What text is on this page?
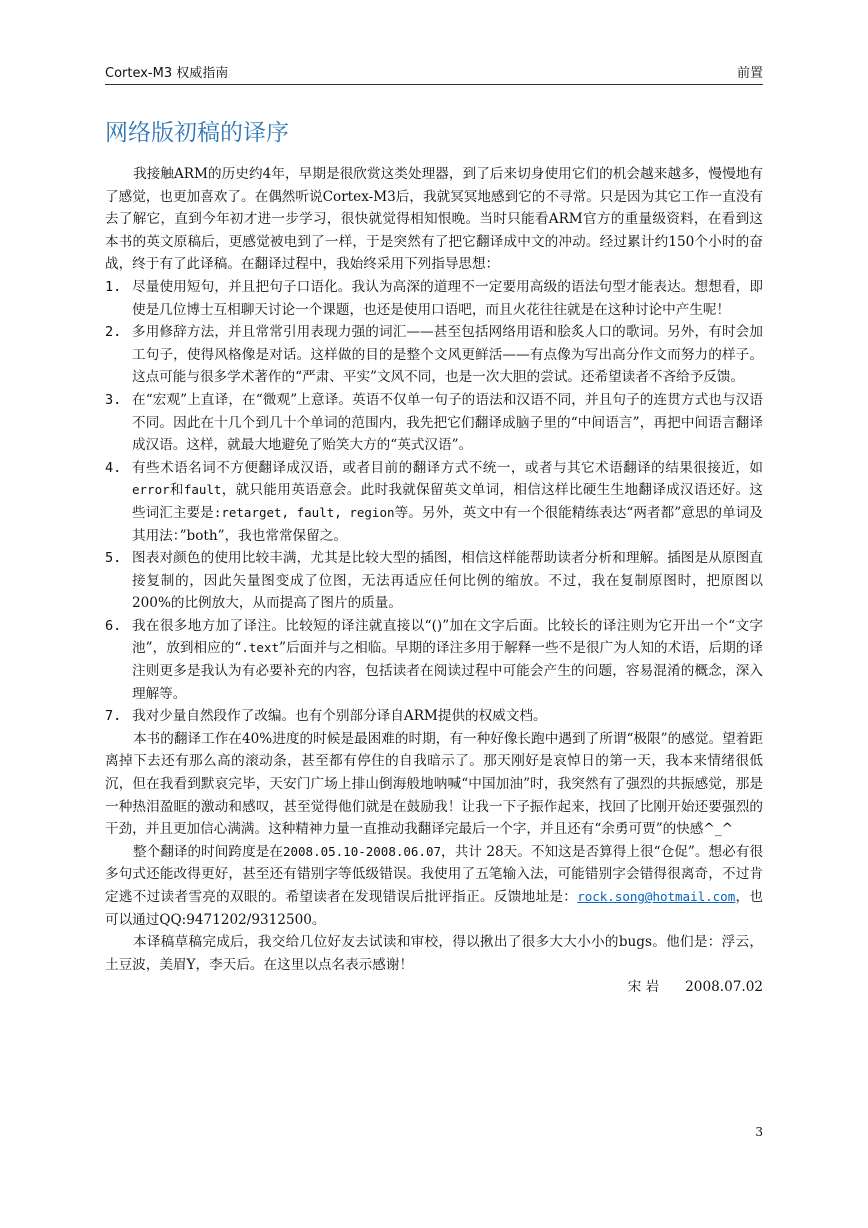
Cortex-M3 权威指南	前置
网络版初稿的译序

我接触ARM的历史约4年，早期是很欣赏这类处理器，到了后来切身使用它们的机会越来越多，慢慢地有了感觉，也更加喜欢了。在偶然听说Cortex-M3后，我就冥冥地感到它的不寻常。只是因为其它工作一直没有去了解它，直到今年初才进一步学习，很快就觉得相知恨晚。当时只能看ARM官方的重量级资料，在看到这本书的英文原稿后，更感觉被电到了一样，于是突然有了把它翻译成中文的冲动。经过累计约150个小时的奋战，终于有了此译稿。在翻译过程中，我始终采用下列指导思想：

1. 尽量使用短句，并且把句子口语化。我认为高深的道理不一定要用高级的语法句型才能表达。想想看，即使是几位博士互相聊天讨论一个课题，也还是使用口语吧，而且火花往往就是在这种讨论中产生呢！
2. 多用修辞方法，并且常常引用表现力强的词汇——甚至包括网络用语和脍炙人口的歌词。另外，有时会加工句子，使得风格像是对话。这样做的目的是整个文风更鲜活——有点像为写出高分作文而努力的样子。这点可能与很多学术著作的“严肃、平实”文风不同，也是一次大胆的尝试。还希望读者不吝给予反馈。
3. 在“宏观”上直译，在“微观”上意译。英语不仅单一句子的语法和汉语不同，并且句子的连贯方式也与汉语不同。因此在十几个到几十个单词的范围内，我先把它们翻译成脑子里的“中间语言”，再把中间语言翻译成汉语。这样，就最大地避免了贻笑大方的“英式汉语”。
4. 有些术语名词不方便翻译成汉语，或者目前的翻译方式不统一，或者与其它术语翻译的结果很接近，如error和fault，就只能用英语意会。此时我就保留英文单词，相信这样比硬生生地翻译成汉语还好。这些词汇主要是:retarget, fault, region等。另外，英文中有一个很能精练表达“两者都”意思的单词及其用法：”both”，我也常常保留之。
5. 图表对颜色的使用比较丰满，尤其是比较大型的插图，相信这样能帮助读者分析和理解。插图是从原图直接复制的，因此矢量图变成了位图，无法再适应任何比例的缩放。不过，我在复制原图时，把原图以200%的比例放大，从而提高了图片的质量。
6. 我在很多地方加了译注。比较短的译注就直接以“()”加在文字后面。比较长的译注则为它开出一个“文字池”，放到相应的“.text”后面并与之相临。早期的译注多用于解释一些不是很广为人知的术语，后期的译注则更多是我认为有必要补充的内容，包括读者在阅读过程中可能会产生的问题，容易混淆的概念，深入理解等。
7. 我对少量自然段作了改编。也有个别部分译自ARM提供的权威文档。

本书的翻译工作在40%进度的时候是最困难的时期，有一种好像长跑中遇到了所谓“极限”的感觉。望着距离掉下去还有那么高的滚动条，甚至都有停住的自我暗示了。那天刚好是哀悼日的第一天，我本来情绪很低沉，但在我看到默哀完毕，天安门广场上排山倒海般地呐喊“中国加油”时，我突然有了强烈的共振感觉，那是一种热泪盈眶的激动和感叹，甚至觉得他们就是在鼓励我！让我一下子振作起来，找回了比刚开始还要强烈的干劲，并且更加信心满满。这种精神力量一直推动我翻译完最后一个字，并且还有“余勇可贾”的快感^_^

整个翻译的时间跨度是在2008.05.10-2008.06.07，共计 28天。不知这是否算得上很“仓促”。想必有很多句式还能改得更好，甚至还有错别字等低级错误。我使用了五笔输入法，可能错别字会错得很离奇，不过肯定逃不过读者雪亮的双眼的。希望读者在发现错误后批评指正。反馈地址是：rock.song@hotmail.com，也可以通过QQ:9471202/9312500。

本译稿草稿完成后，我交给几位好友去试读和审校，得以揪出了很多大大小小的bugs。他们是：浮云，土豆波，美眉Y，李天后。在这里以点名表示感谢！

宋 岩      2008.07.02

3
